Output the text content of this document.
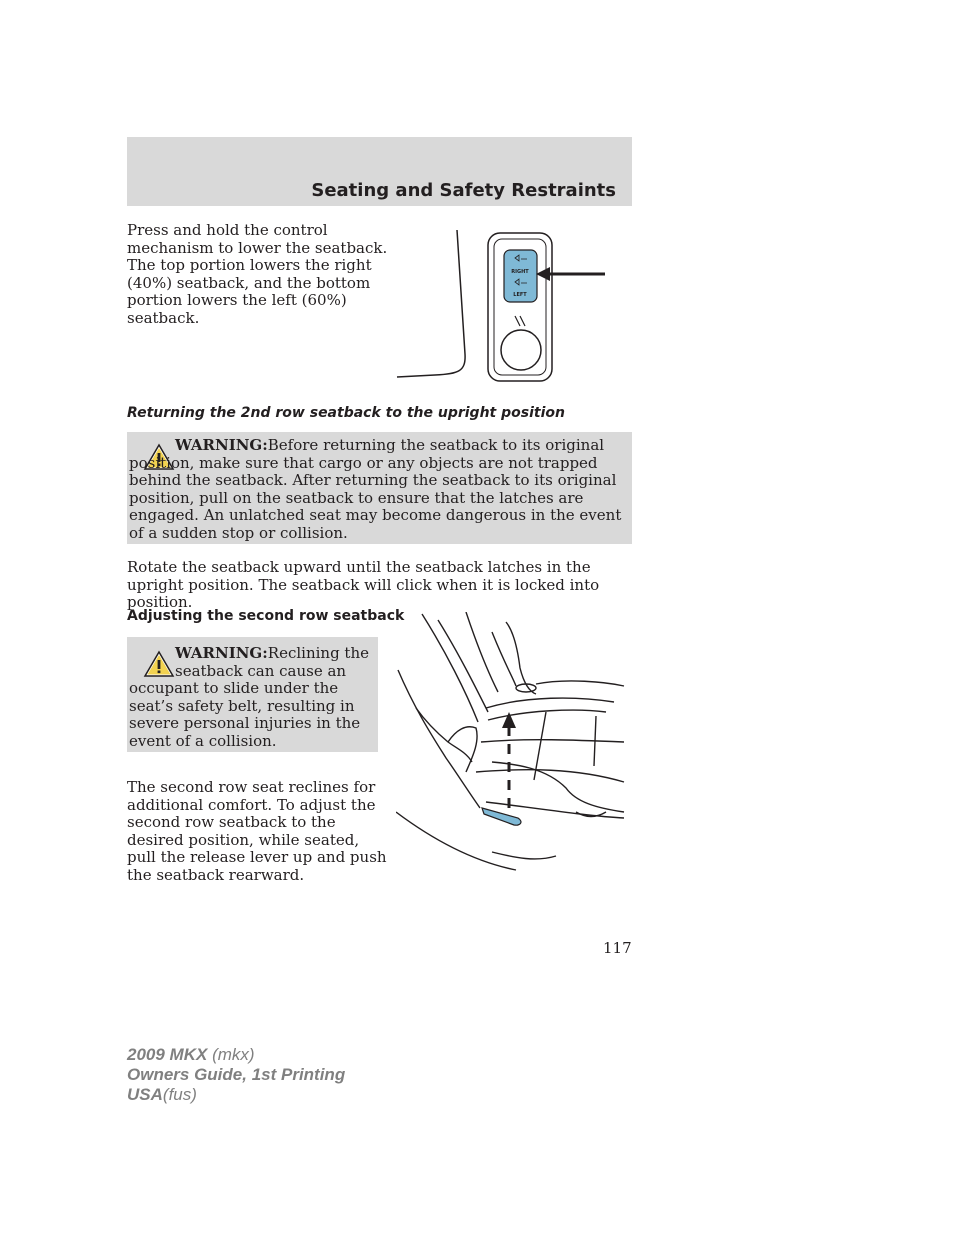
Seating and Safety Restraints
Press and hold the control mechanism to lower the seatback. The top portion lowers the right (40%) seatback, and the bottom portion lowers the left (60%) seatback.
RIGHT
LEFT
Returning the 2nd row seatback to the upright position
WARNING:Before returning the seatback to its original position, make sure that cargo or any objects are not trapped behind the seatback. After returning the seatback to its original position, pull on the seatback to ensure that the latches are engaged. An unlatched seat may become dangerous in the event of a sudden stop or collision.
Rotate the seatback upward until the seatback latches in the upright position. The seatback will click when it is locked into position.
Adjusting the second row seatback
WARNING:Reclining the
seatback can cause an
occupant to slide under the seat’s safety belt, resulting in severe personal injuries in the event of a collision.
The second row seat reclines for additional comfort. To adjust the second row seatback to the desired position, while seated, pull the release lever up and push the seatback rearward.
117
2009 MKX (mkx)
Owners Guide, 1st Printing
USA(fus)
